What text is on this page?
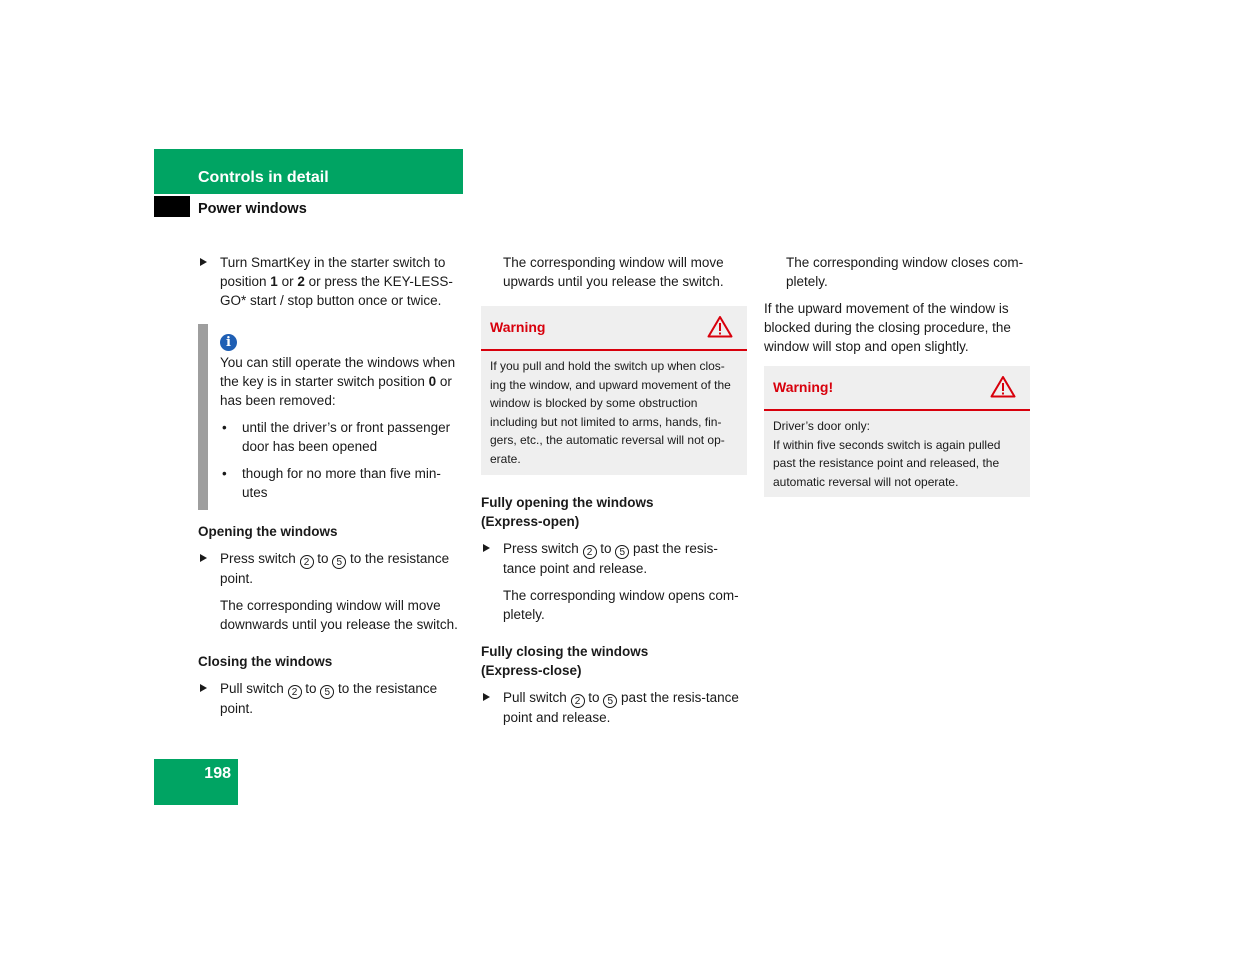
Controls in detail
Power windows

Turn SmartKey in the starter switch to position 1 or 2 or press the KEY-LESS-GO* start / stop button once or twice.

i

You can still operate the windows when the key is in starter switch position 0 or has been removed:

• until the driver’s or front passenger door has been opened

• though for no more than five min-utes

Opening the windows

Press switch 2 to 5 to the resistance point.

The corresponding window will move downwards until you release the switch.

Closing the windows

Pull switch 2 to 5 to the resistance point.

The corresponding window will move upwards until you release the switch.

Warning

If you pull and hold the switch up when clos-ing the window, and upward movement of the window is blocked by some obstruction including but not limited to arms, hands, fin-gers, etc., the automatic reversal will not op-erate.

Fully opening the windows
(Express-open)

Press switch 2 to 5 past the resis-tance point and release.

The corresponding window opens com-pletely.

Fully closing the windows
(Express-close)

Pull switch 2 to 5 past the resis-tance point and release.

The corresponding window closes com-pletely.

If the upward movement of the window is blocked during the closing procedure, the window will stop and open slightly.

Warning!

Driver’s door only:

If within five seconds switch is again pulled past the resistance point and released, the automatic reversal will not operate.

198
